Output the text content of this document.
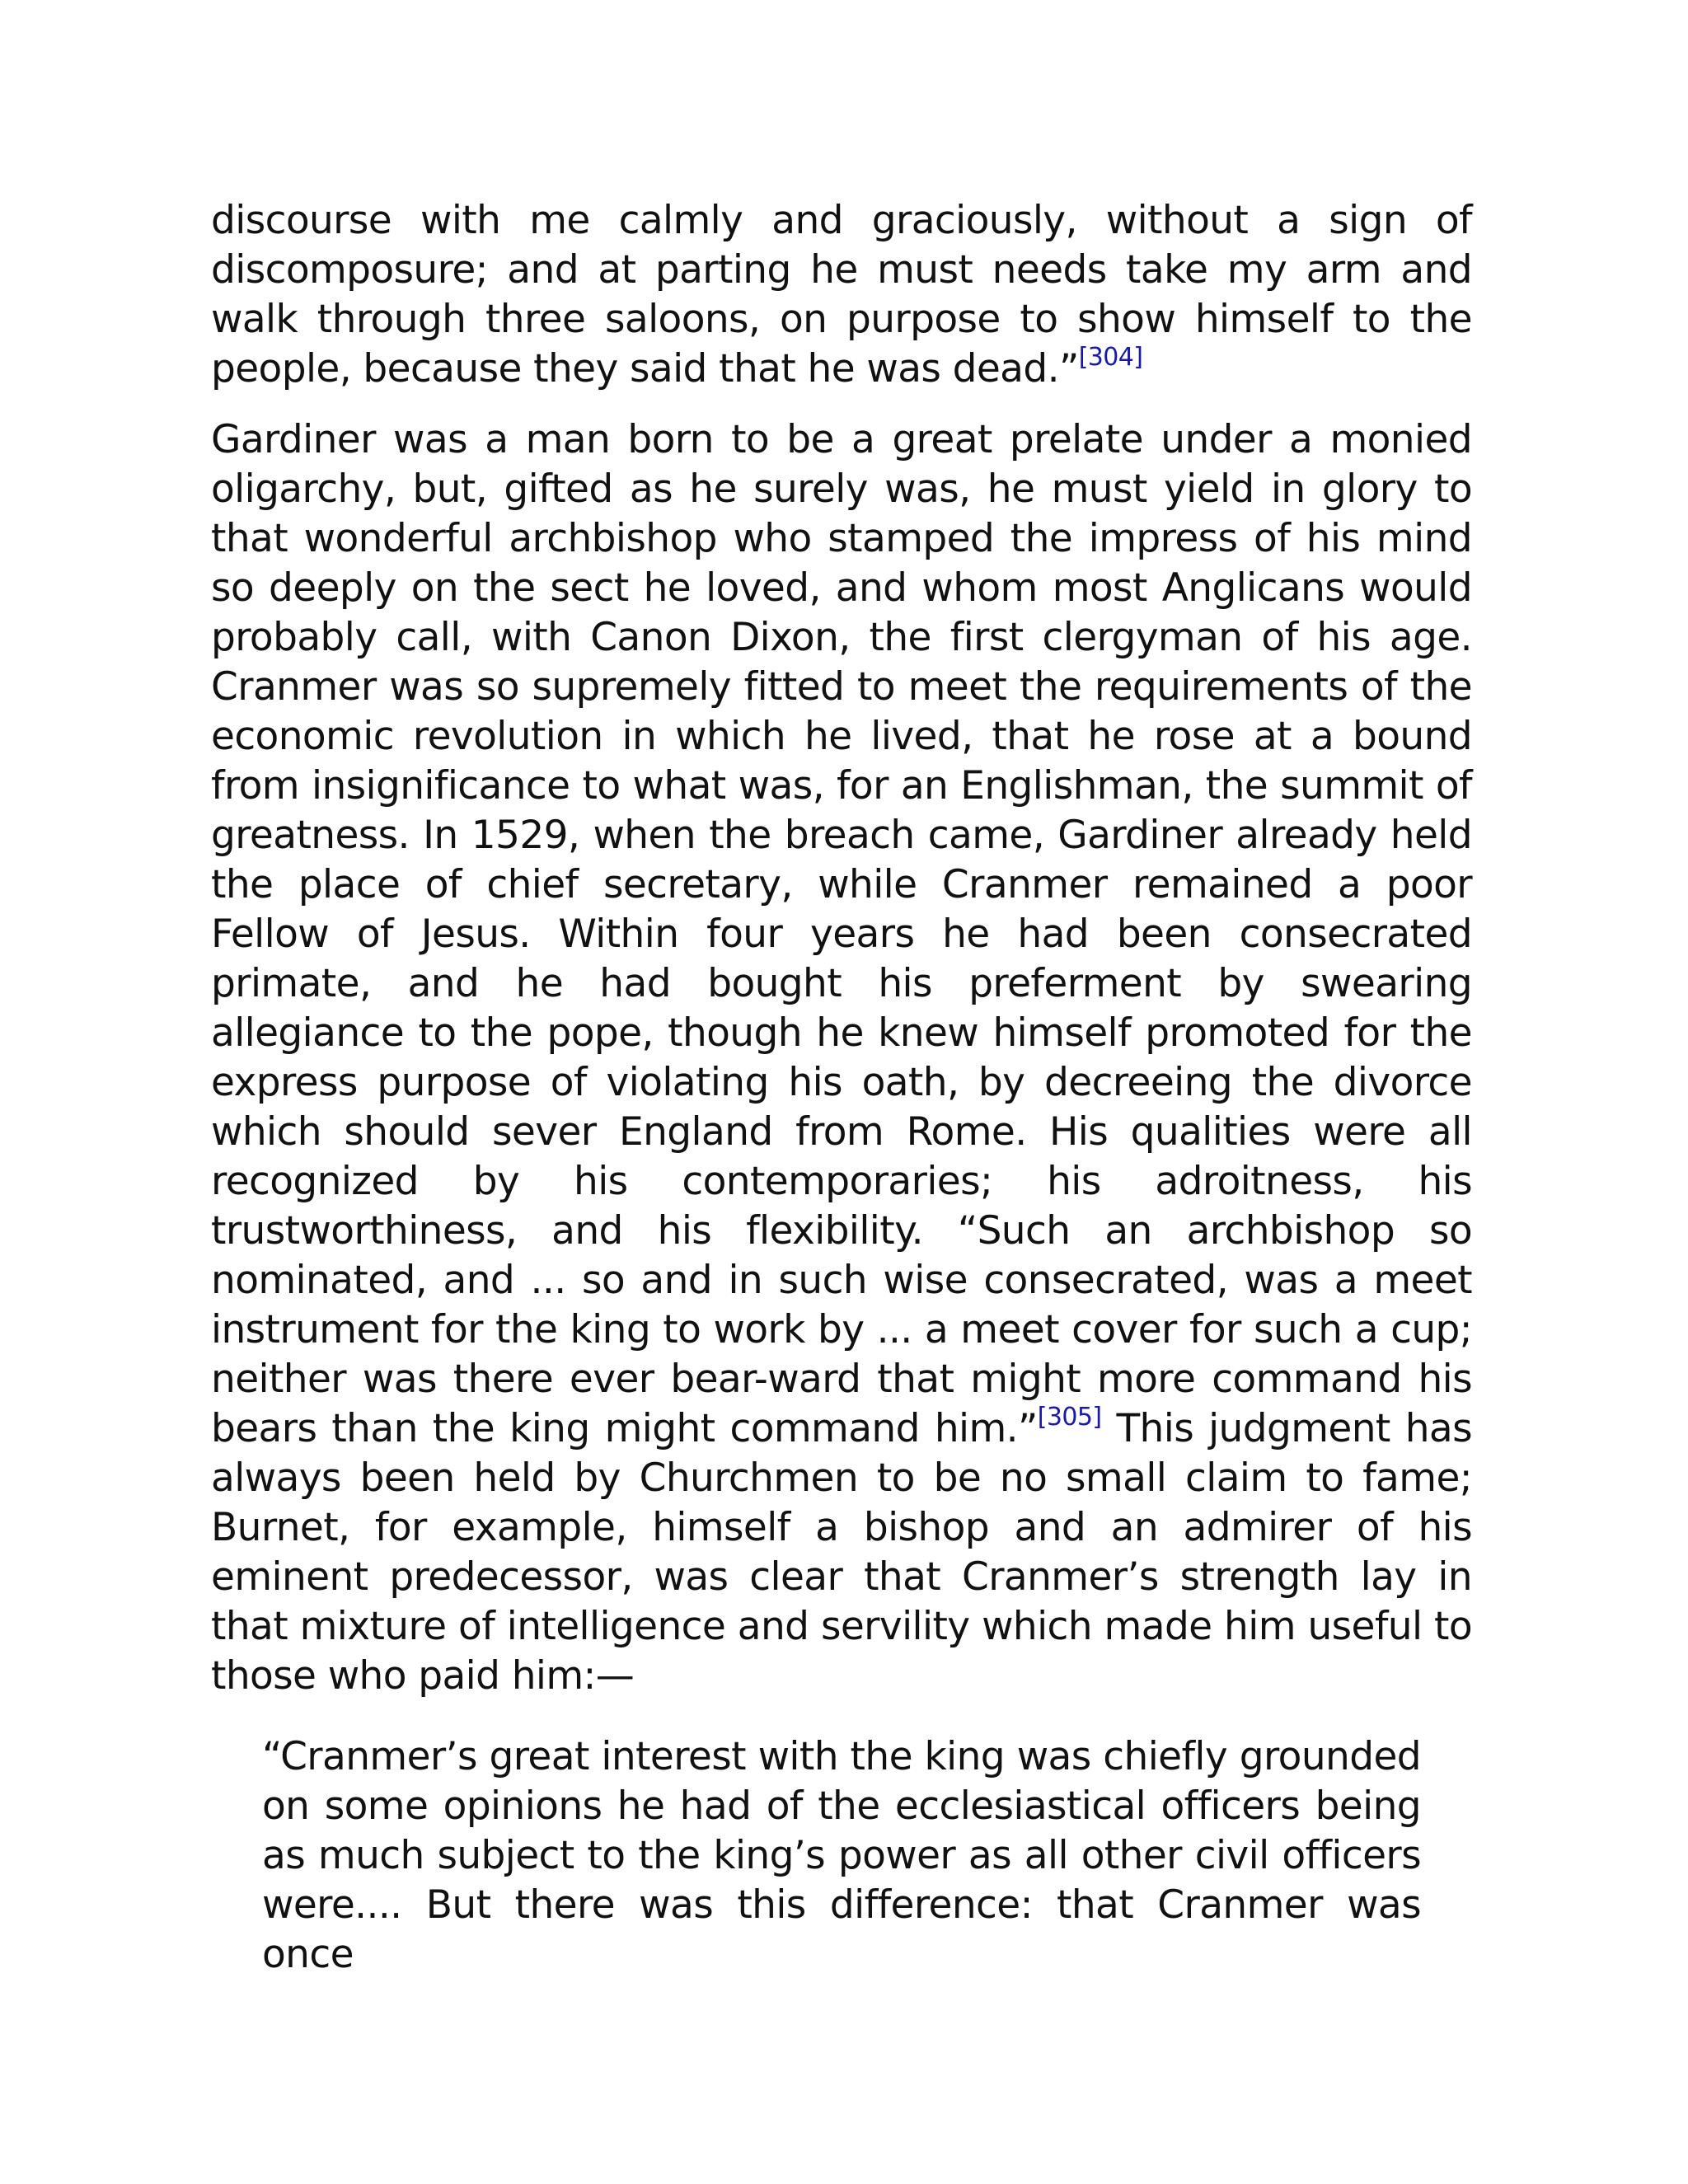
discourse with me calmly and graciously, without a sign of discomposure; and at parting he must needs take my arm and walk through three saloons, on purpose to show himself to the people, because they said that he was dead.”[304]

Gardiner was a man born to be a great prelate under a monied oligarchy, but, gifted as he surely was, he must yield in glory to that wonderful archbishop who stamped the impress of his mind so deeply on the sect he loved, and whom most Anglicans would probably call, with Canon Dixon, the first clergyman of his age. Cranmer was so supremely fitted to meet the requirements of the economic revolution in which he lived, that he rose at a bound from insignificance to what was, for an Englishman, the summit of greatness. In 1529, when the breach came, Gardiner already held the place of chief secretary, while Cranmer remained a poor Fellow of Jesus. Within four years he had been consecrated primate, and he had bought his preferment by swearing allegiance to the pope, though he knew himself promoted for the express purpose of violating his oath, by decreeing the divorce which should sever England from Rome. His qualities were all recognized by his contemporaries; his adroitness, his trustworthiness, and his flexibility. “Such an archbishop so nominated, and ... so and in such wise consecrated, was a meet instrument for the king to work by ... a meet cover for such a cup; neither was there ever bear-ward that might more command his bears than the king might command him.”[305] This judgment has always been held by Churchmen to be no small claim to fame; Burnet, for example, himself a bishop and an admirer of his eminent predecessor, was clear that Cranmer’s strength lay in that mixture of intelligence and servility which made him useful to those who paid him:—

“Cranmer’s great interest with the king was chiefly grounded on some opinions he had of the ecclesiastical officers being as much subject to the king’s power as all other civil officers were.... But there was this difference: that Cranmer was once
